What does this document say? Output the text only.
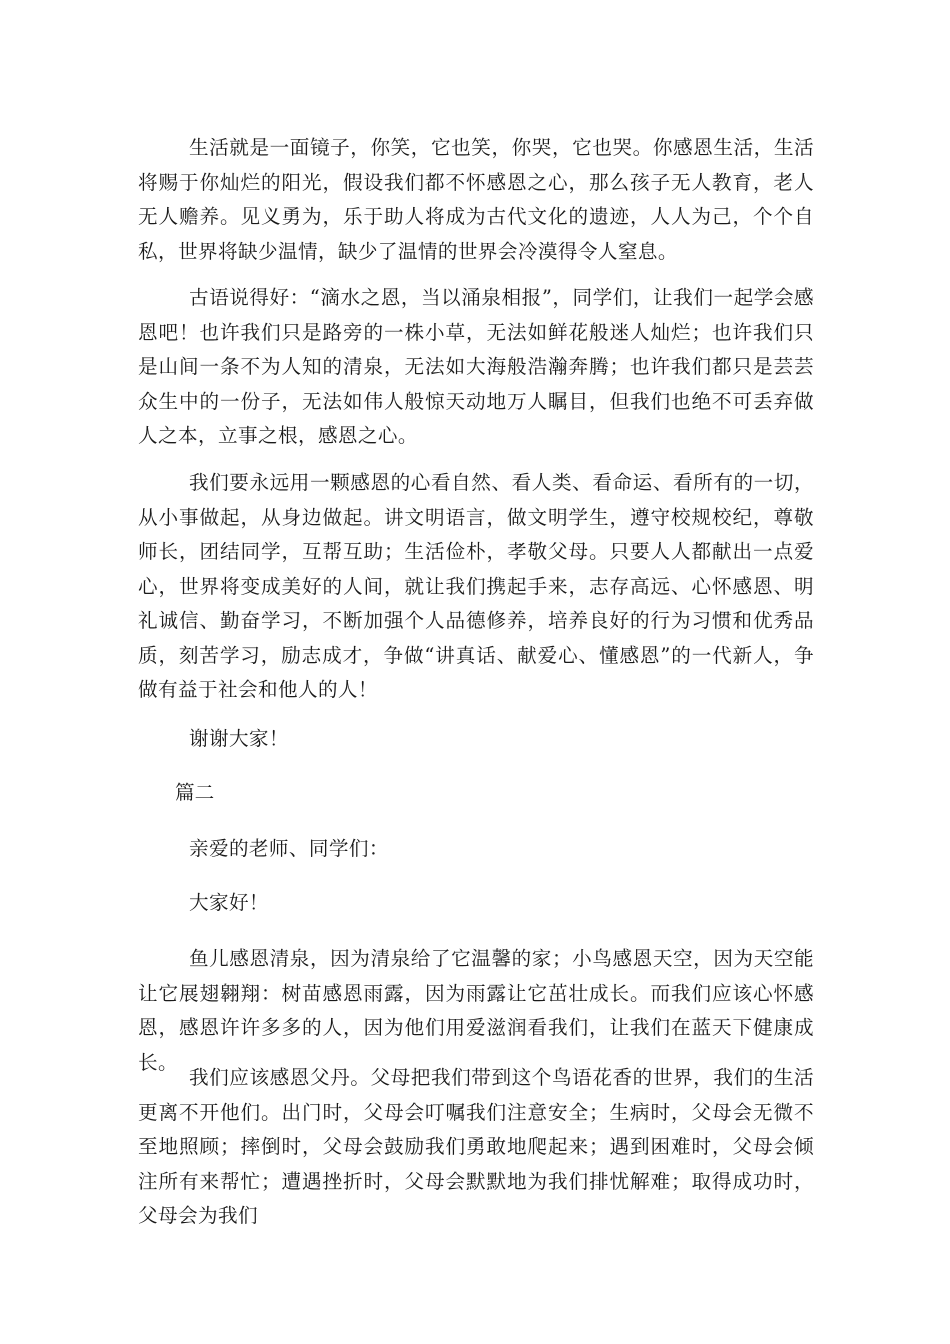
生活就是一面镜子，你笑，它也笑，你哭，它也哭。你感恩生活，生活将赐于你灿烂的阳光，假设我们都不怀感恩之心，那么孩子无人教育，老人无人赡养。见义勇为，乐于助人将成为古代文化的遗迹，人人为己，个个自私，世界将缺少温情，缺少了温情的世界会冷漠得令人窒息。

古语说得好：“滴水之恩，当以涌泉相报”，同学们，让我们一起学会感恩吧！也许我们只是路旁的一株小草，无法如鲜花般迷人灿烂；也许我们只是山间一条不为人知的清泉，无法如大海般浩瀚奔腾；也许我们都只是芸芸众生中的一份子，无法如伟人般惊天动地万人瞩目，但我们也绝不可丢弃做人之本，立事之根，感恩之心。

我们要永远用一颗感恩的心看自然、看人类、看命运、看所有的一切，从小事做起，从身边做起。讲文明语言，做文明学生，遵守校规校纪，尊敬师长，团结同学，互帮互助；生活俭朴，孝敬父母。只要人人都献出一点爱心，世界将变成美好的人间，就让我们携起手来，志存高远、心怀感恩、明礼诚信、勤奋学习，不断加强个人品德修养，培养良好的行为习惯和优秀品质，刻苦学习，励志成才，争做“讲真话、献爱心、懂感恩”的一代新人，争做有益于社会和他人的人！

谢谢大家！

篇二

亲爱的老师、同学们：

大家好！

鱼儿感恩清泉，因为清泉给了它温馨的家；小鸟感恩天空，因为天空能让它展翅翱翔：树苗感恩雨露，因为雨露让它茁壮成长。而我们应该心怀感恩，感恩许许多多的人，因为他们用爱滋润看我们，让我们在蓝天下健康成长。

我们应该感恩父丹。父母把我们带到这个鸟语花香的世界，我们的生活更离不开他们。出门时，父母会叮嘱我们注意安全；生病时，父母会无微不至地照顾；摔倒时，父母会鼓励我们勇敢地爬起来；遇到困难时，父母会倾注所有来帮忙；遭遇挫折时，父母会默默地为我们排忧解难；取得成功时，父母会为我们
